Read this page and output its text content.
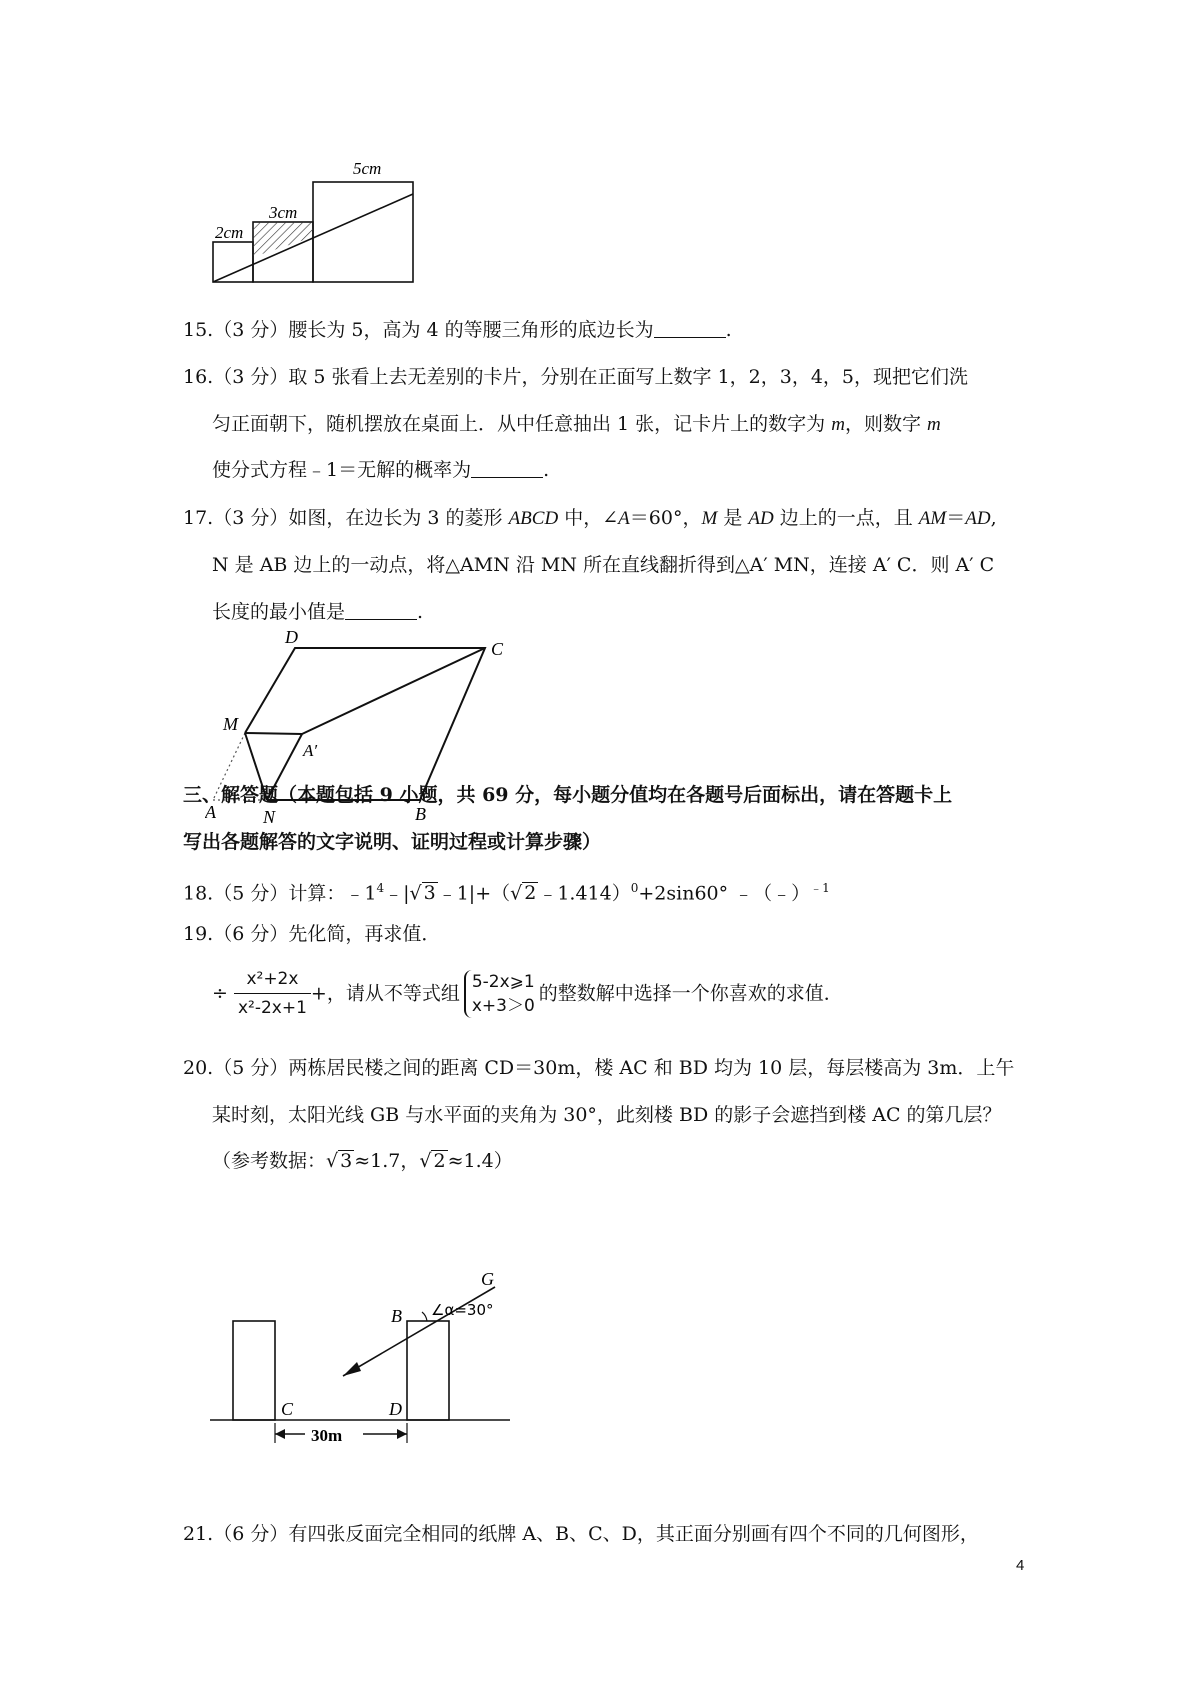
2cm
3cm
5cm
15.（3 分）腰长为 5，高为 4 的等腰三角形的底边长为	.
16.（3 分）取 5 张看上去无差别的卡片，分别在正面写上数字 1，2，3，4，5，现把它们洗
匀正面朝下，随机摆放在桌面上．从中任意抽出 1 张，记卡片上的数字为 m，则数字 m
使分式方程﹣1＝无解的概率为	.
17.（3 分）如图，在边长为 3 的菱形 ABCD 中，∠A＝60°，M 是 AD 边上的一点，且 AM＝AD,
N 是 AB 边上的一动点，将△AMN 沿 MN 所在直线翻折得到△A′ MN，连接 A′ C．则 A′ C
长度的最小值是	.
D
C
M
A′
A	N	B
三、解答题（本题包括 9 小题，共 69 分，每小题分值均在各题号后面标出，请在答题卡上
写出各题解答的文字说明、证明过程或计算步骤）
18.（5 分）计算：$﹣1^4﹣|√$ 3 ﹣1|+（√ 2 ﹣1.414）$^0$+2sin60° ﹣（﹣）$^{﹣1}$
19.（6 分）先化简，再求值．
÷ $\frac{\text{x²+2x}}{\text{x²-2x+1}}$ +，请从不等式组
5-2x⩾1
x+3＞0
的整数解中选择一个你喜欢的求值．
20.（5 分）两栋居民楼之间的距离 CD＝30m，楼 AC 和 BD 均为 10 层，每层楼高为 3m．上午
某时刻，太阳光线 GB 与水平面的夹角为 30°，此刻楼 BD 的影子会遮挡到楼 AC 的第几层？
（参考数据：√ 3 ≈1.7，√ 2 ≈1.4）
G
B ∠α=30°
C	D
30m
21.（6 分）有四张反面完全相同的纸牌 A、B、C、D，其正面分别画有四个不同的几何图形，
4
